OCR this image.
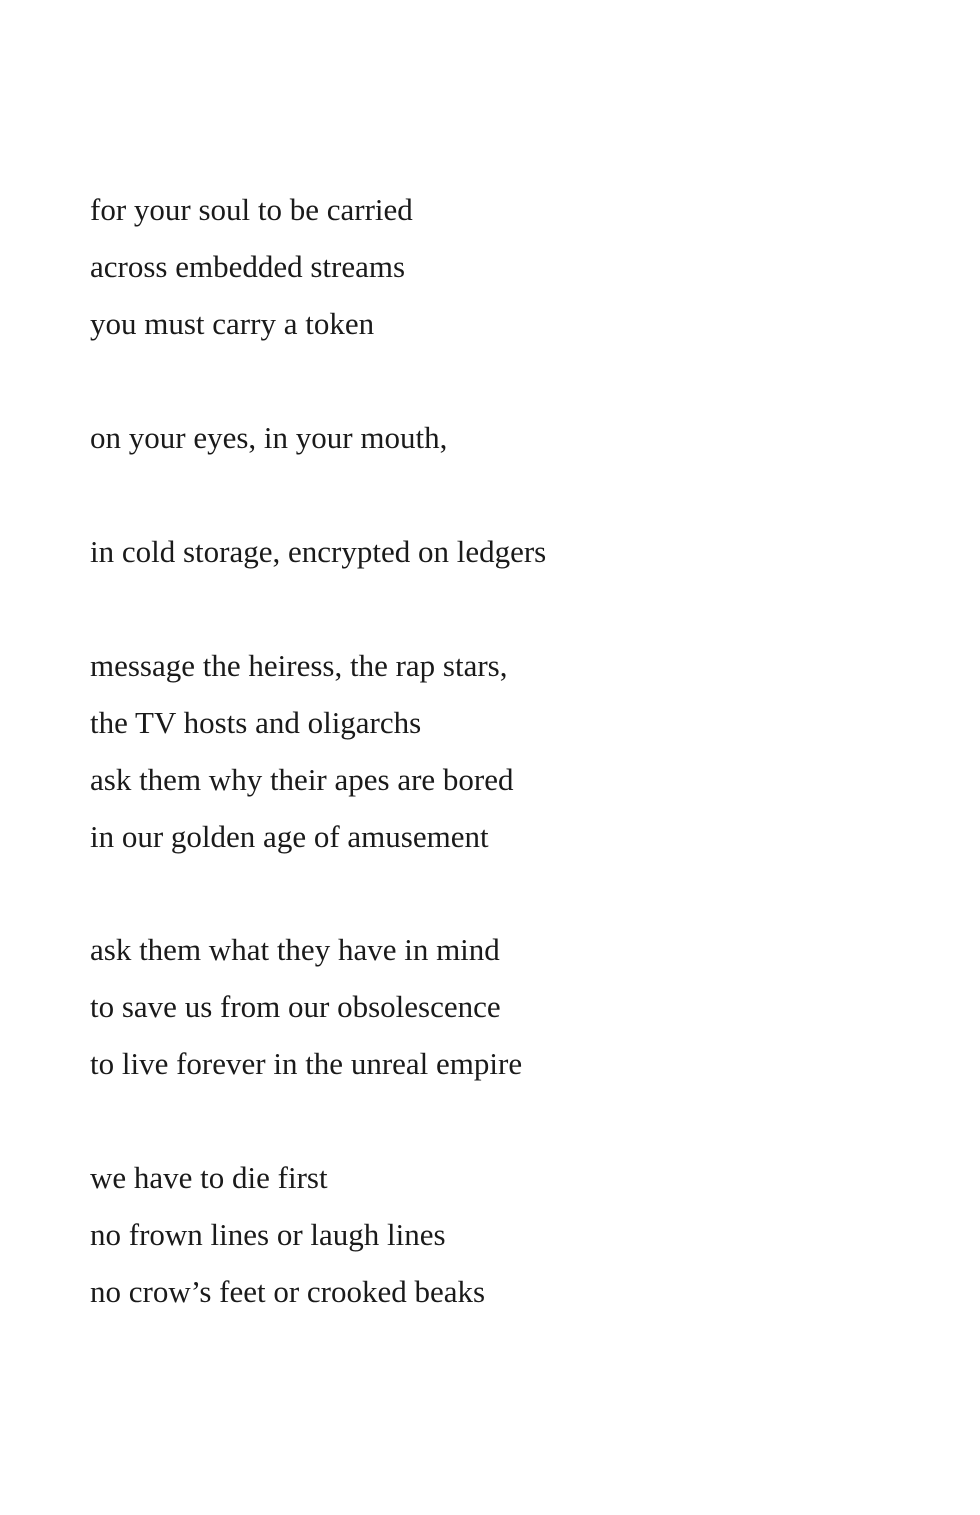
for your soul to be carried
across embedded streams
you must carry a token
on your eyes, in your mouth,
in cold storage, encrypted on ledgers
message the heiress, the rap stars,
the TV hosts and oligarchs
ask them why their apes are bored
in our golden age of amusement
ask them what they have in mind
to save us from our obsolescence
to live forever in the unreal empire
we have to die first
no frown lines or laugh lines
no crow’s feet or crooked beaks
